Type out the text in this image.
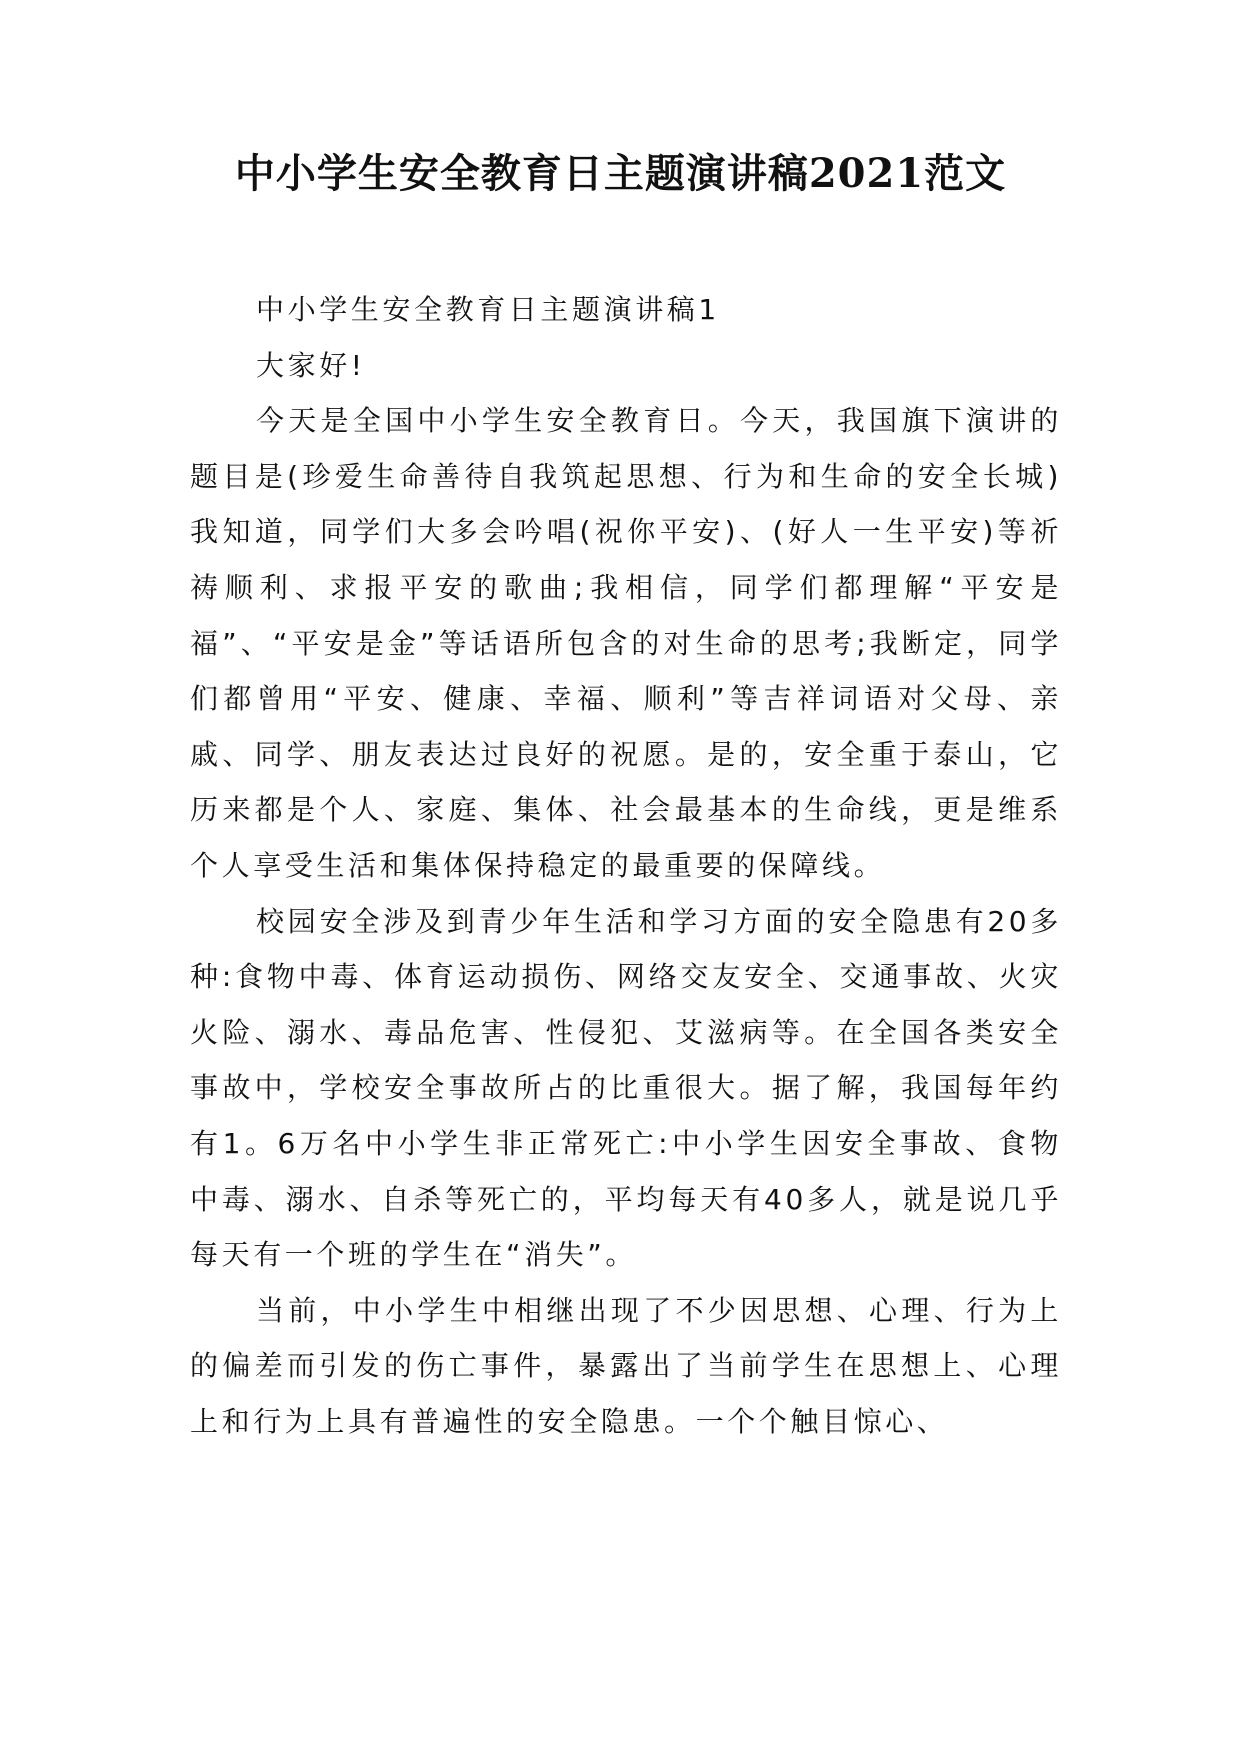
中小学生安全教育日主题演讲稿2021范文

中小学生安全教育日主题演讲稿1

大家好!

今天是全国中小学生安全教育日。今天，我国旗下演讲的题目是(珍爱生命善待自我筑起思想、行为和生命的安全长城)我知道，同学们大多会吟唱(祝你平安)、(好人一生平安)等祈祷顺利、求报平安的歌曲;我相信，同学们都理解“平安是福”、“平安是金”等话语所包含的对生命的思考;我断定，同学们都曾用“平安、健康、幸福、顺利”等吉祥词语对父母、亲戚、同学、朋友表达过良好的祝愿。是的，安全重于泰山，它历来都是个人、家庭、集体、社会最基本的生命线，更是维系个人享受生活和集体保持稳定的最重要的保障线。

校园安全涉及到青少年生活和学习方面的安全隐患有20多种:食物中毒、体育运动损伤、网络交友安全、交通事故、火灾火险、溺水、毒品危害、性侵犯、艾滋病等。在全国各类安全事故中，学校安全事故所占的比重很大。据了解，我国每年约有1。6万名中小学生非正常死亡:中小学生因安全事故、食物中毒、溺水、自杀等死亡的，平均每天有40多人，就是说几乎每天有一个班的学生在“消失”。

当前，中小学生中相继出现了不少因思想、心理、行为上的偏差而引发的伤亡事件，暴露出了当前学生在思想上、心理上和行为上具有普遍性的安全隐患。一个个触目惊心、
